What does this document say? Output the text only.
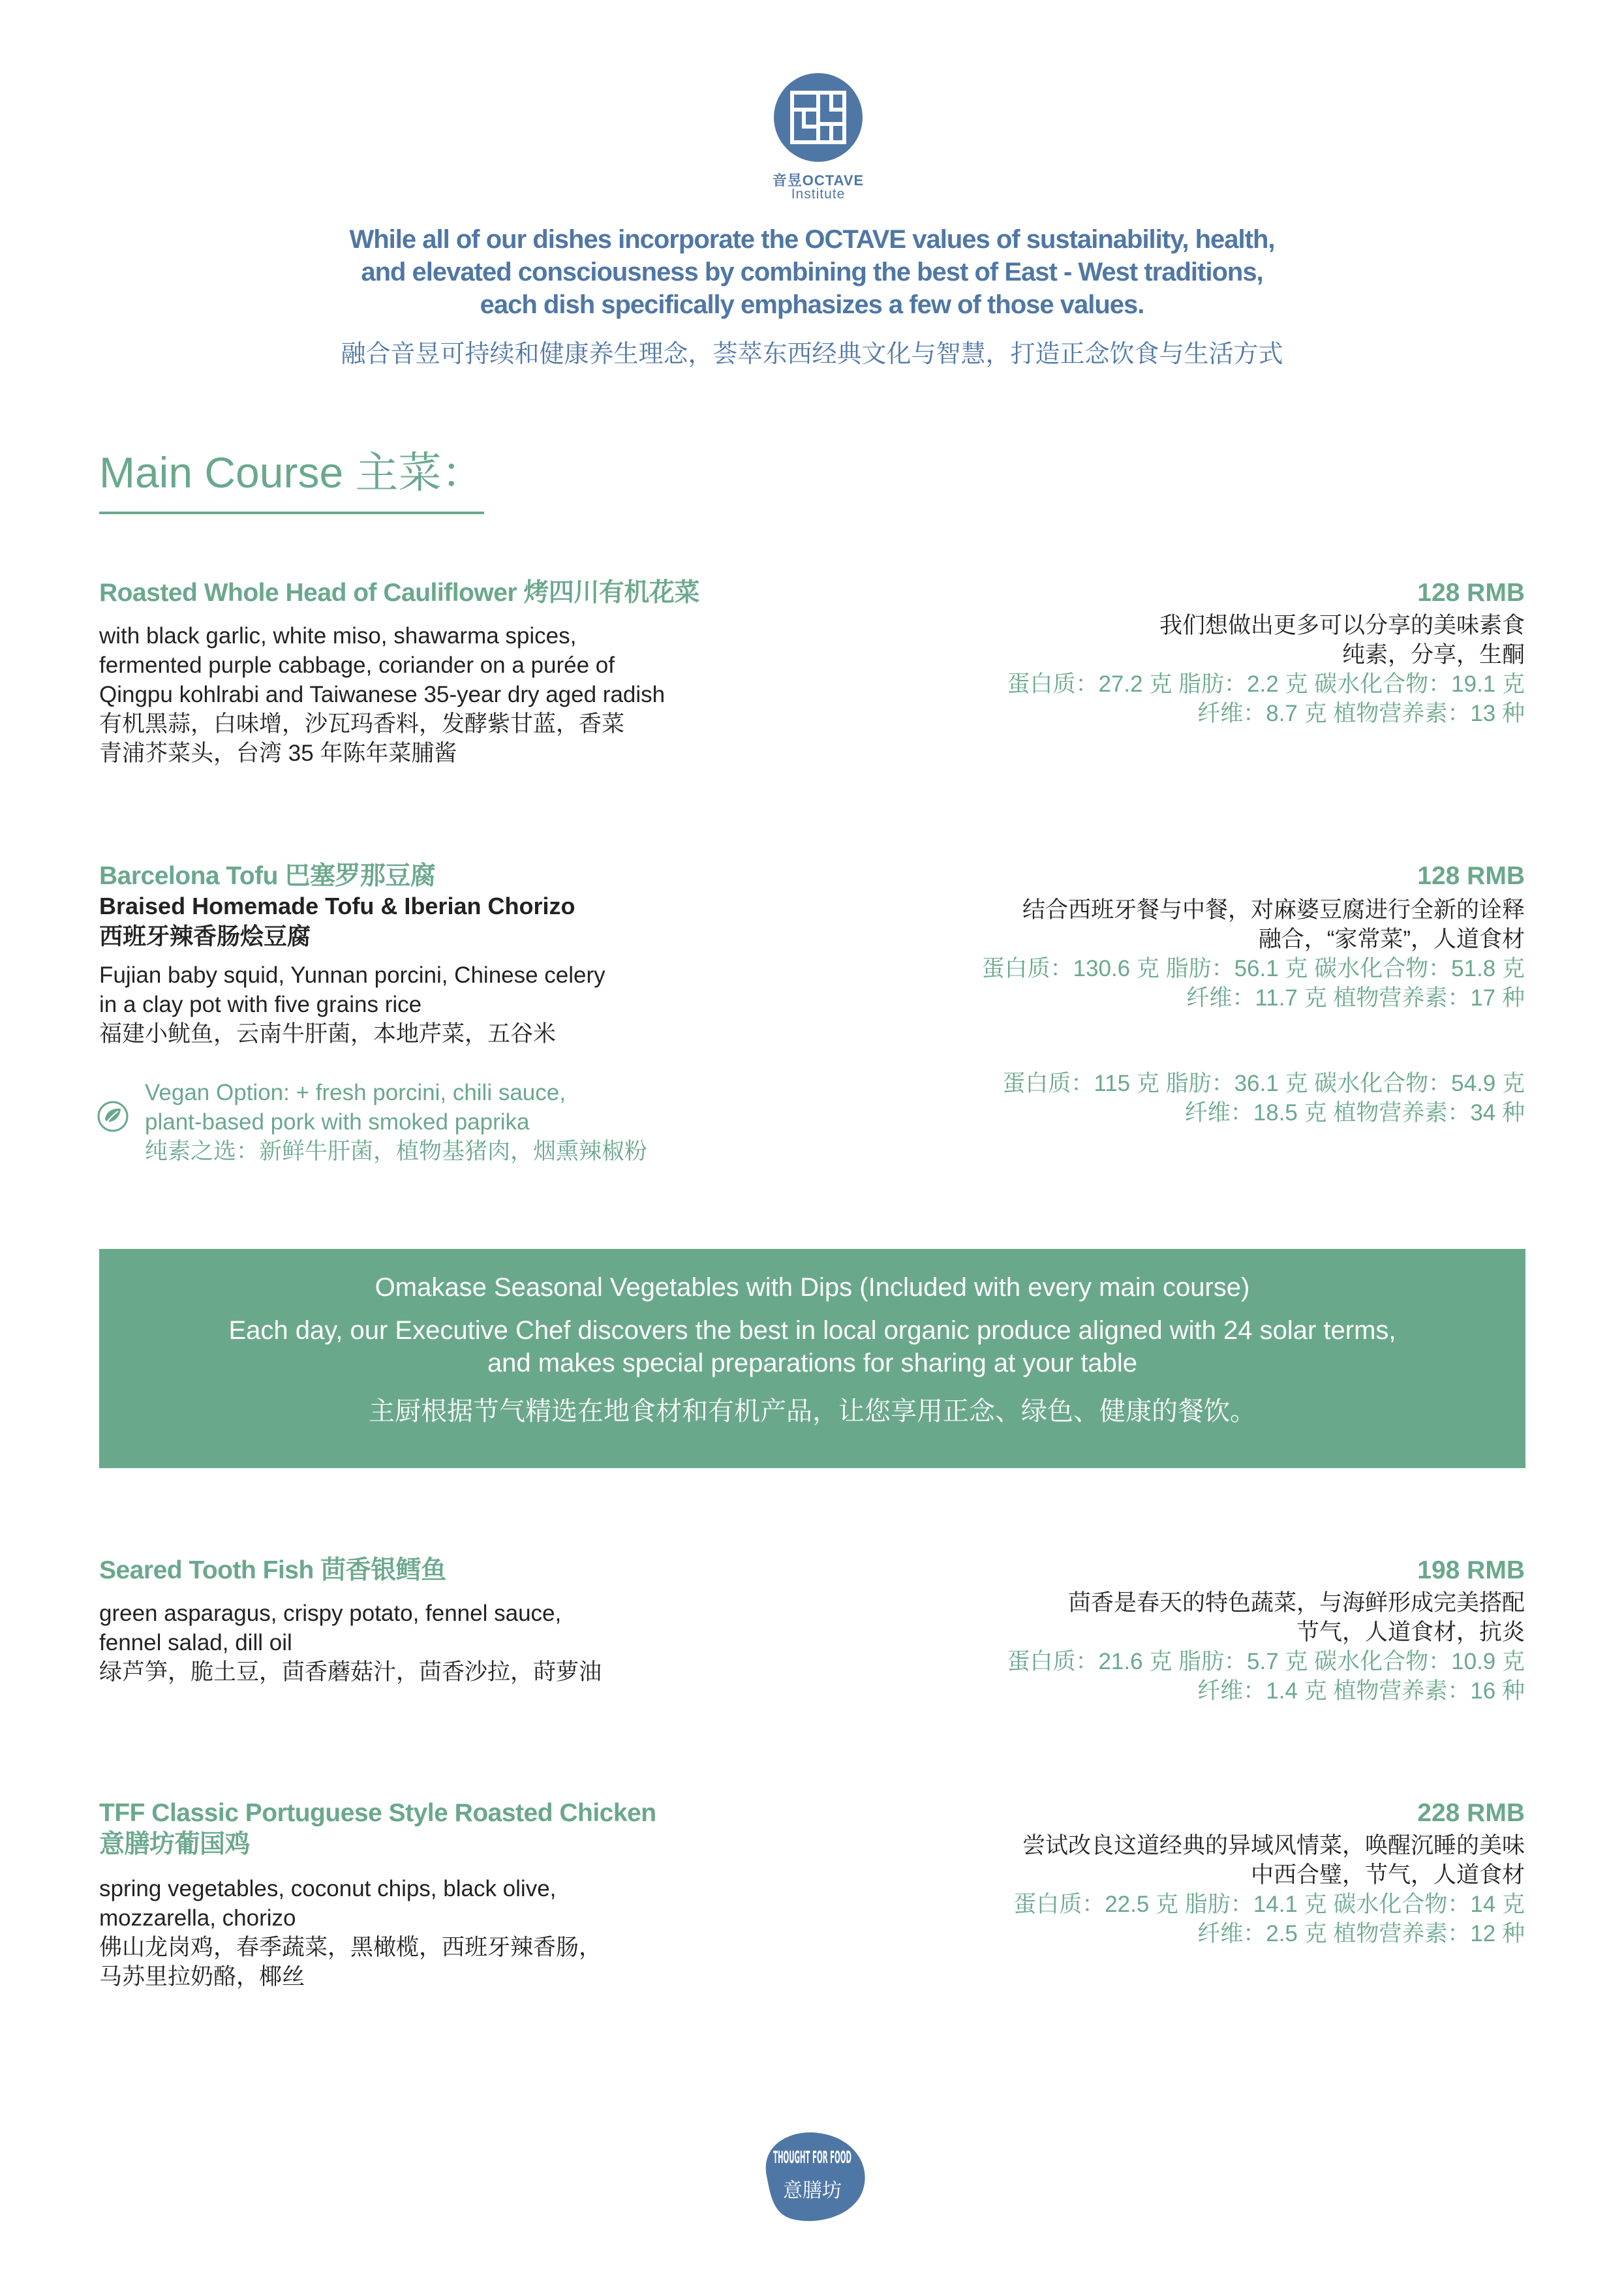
音昱OCTAVE
Institute
While all of our dishes incorporate the OCTAVE values of sustainability, health,
and elevated consciousness by combining the best of East - West traditions,
each dish specifically emphasizes a few of those values.
融合音昱可持续和健康养生理念，荟萃东西经典文化与智慧，打造正念饮食与生活方式
Main Course 主菜：
Roasted Whole Head of Cauliflower 烤四川有机花菜
with black garlic, white miso, shawarma spices,
fermented purple cabbage, coriander on a purée of
Qingpu kohlrabi and Taiwanese 35-year dry aged radish
有机黑蒜，白味增，沙瓦玛香料，发酵紫甘蓝，香菜
青浦芥菜头，台湾 35 年陈年菜脯酱
128 RMB
我们想做出更多可以分享的美味素食
纯素，分享，生酮
蛋白质：27.2 克 脂肪：2.2 克 碳水化合物：19.1 克
纤维：8.7 克 植物营养素：13 种
Barcelona Tofu 巴塞罗那豆腐
Braised Homemade Tofu & Iberian Chorizo
西班牙辣香肠烩豆腐
Fujian baby squid, Yunnan porcini, Chinese celery
in a clay pot with five grains rice
福建小鱿鱼，云南牛肝菌，本地芹菜，五谷米
Vegan Option: + fresh porcini, chili sauce,
plant-based pork with smoked paprika
纯素之选：新鲜牛肝菌，植物基猪肉，烟熏辣椒粉
128 RMB
结合西班牙餐与中餐，对麻婆豆腐进行全新的诠释
融合，“家常菜”，人道食材
蛋白质：130.6 克 脂肪：56.1 克 碳水化合物：51.8 克
纤维：11.7 克 植物营养素：17 种
蛋白质：115 克 脂肪：36.1 克 碳水化合物：54.9 克
纤维：18.5 克 植物营养素：34 种
Omakase Seasonal Vegetables with Dips (Included with every main course)
Each day, our Executive Chef discovers the best in local organic produce aligned with 24 solar terms,
and makes special preparations for sharing at your table
主厨根据节气精选在地食材和有机产品，让您享用正念、绿色、健康的餐饮。
Seared Tooth Fish 茴香银鳕鱼
green asparagus, crispy potato, fennel sauce,
fennel salad, dill oil
绿芦笋，脆土豆，茴香蘑菇汁，茴香沙拉，莳萝油
198 RMB
茴香是春天的特色蔬菜，与海鲜形成完美搭配
节气，人道食材，抗炎
蛋白质：21.6 克 脂肪：5.7 克 碳水化合物：10.9 克
纤维：1.4 克 植物营养素：16 种
TFF Classic Portuguese Style Roasted Chicken
意膳坊葡国鸡
spring vegetables, coconut chips, black olive,
mozzarella, chorizo
佛山龙岗鸡，春季蔬菜，黑橄榄，西班牙辣香肠，
马苏里拉奶酪，椰丝
228 RMB
尝试改良这道经典的异域风情菜，唤醒沉睡的美味
中西合璧，节气，人道食材
蛋白质：22.5 克 脂肪：14.1 克 碳水化合物：14 克
纤维：2.5 克 植物营养素：12 种
THOUGHT FOR FOOD
意膳坊
